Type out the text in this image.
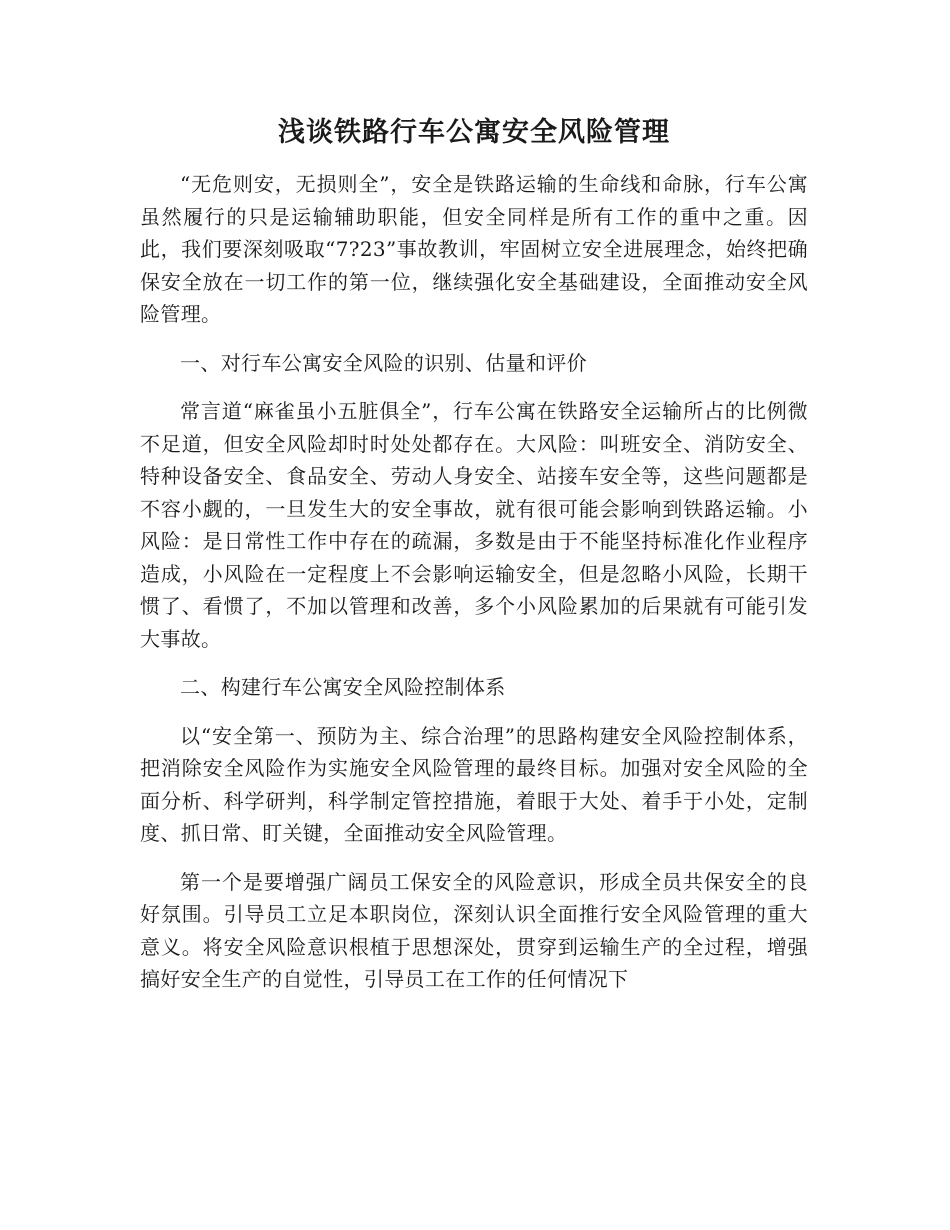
浅谈铁路行车公寓安全风险管理

“无危则安，无损则全”，安全是铁路运输的生命线和命脉，行车公寓虽然履行的只是运输辅助职能，但安全同样是所有工作的重中之重。因此，我们要深刻吸取“7?23”事故教训，牢固树立安全进展理念，始终把确保安全放在一切工作的第一位，继续强化安全基础建设，全面推动安全风险管理。

一、对行车公寓安全风险的识别、估量和评价

常言道“麻雀虽小五脏俱全”，行车公寓在铁路安全运输所占的比例微不足道，但安全风险却时时处处都存在。大风险：叫班安全、消防安全、特种设备安全、食品安全、劳动人身安全、站接车安全等，这些问题都是不容小觑的，一旦发生大的安全事故，就有很可能会影响到铁路运输。小风险：是日常性工作中存在的疏漏，多数是由于不能坚持标准化作业程序造成，小风险在一定程度上不会影响运输安全，但是忽略小风险，长期干惯了、看惯了，不加以管理和改善，多个小风险累加的后果就有可能引发大事故。

二、构建行车公寓安全风险控制体系

以“安全第一、预防为主、综合治理”的思路构建安全风险控制体系，把消除安全风险作为实施安全风险管理的最终目标。加强对安全风险的全面分析、科学研判，科学制定管控措施，着眼于大处、着手于小处，定制度、抓日常、盯关键，全面推动安全风险管理。

第一个是要增强广阔员工保安全的风险意识，形成全员共保安全的良好氛围。引导员工立足本职岗位，深刻认识全面推行安全风险管理的重大意义。将安全风险意识根植于思想深处，贯穿到运输生产的全过程，增强搞好安全生产的自觉性，引导员工在工作的任何情况下
